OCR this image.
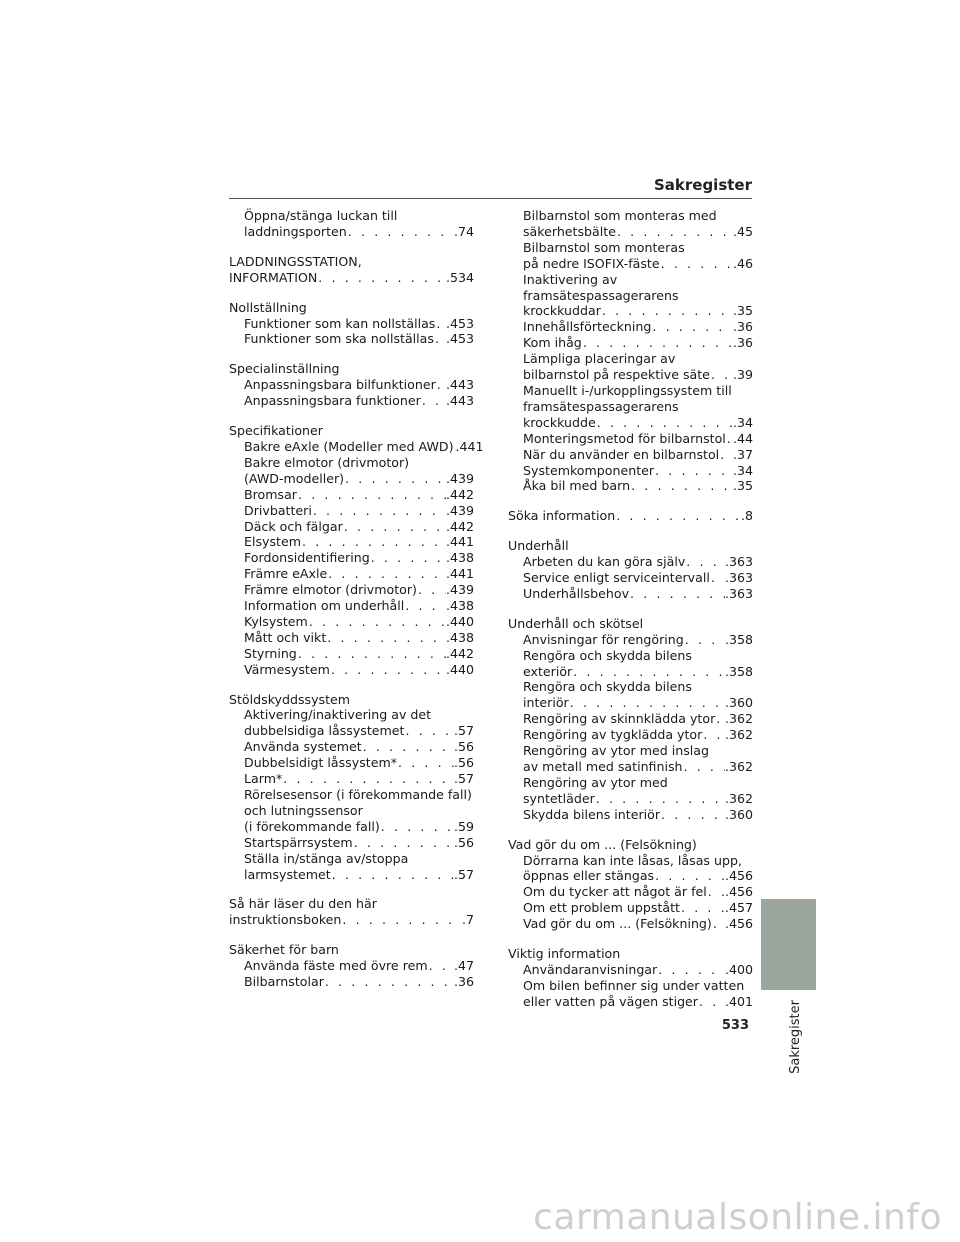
Sakregister
Öppna/stänga luckan till
laddningsporten . . .	.74
LADDNINGSSTATION,
INFORMATION . . .	.534
Nollställning
Funktioner som kan nollställas . . . .453
Funktioner som ska nollställas . . . .453
Specialinställning
Anpassningsbara bilfunktioner . . . .443
Anpassningsbara funktioner . . . .443
Specifikationer
Bakre eAxle (Modeller med AWD) . . . .441
Bakre elmotor (drivmotor)
(AWD-modeller) . . .	.439
Bromsar . . .	.442
Drivbatteri . . .	.439
Däck och fälgar . . .	.442
Elsystem . . .	.441
Fordonsidentifiering . . .	.438
Främre eAxle . . .	.441
Främre elmotor (drivmotor) . . . .439
Information om underhåll . . .	.438
Kylsystem . . .	.440
Mått och vikt . . .	.438
Styrning . . .	.442
Värmesystem . . .	.440
Stöldskyddssystem
Aktivering/inaktivering av det
dubbelsidiga låssystemet . . .	.57
Använda systemet . . .	.56
Dubbelsidigt låssystem* . . .	.56
Larm* . . .	.57
Rörelsesensor (i förekommande fall)
och lutningssensor
(i förekommande fall) . . .	.59
Startspärrsystem . . .	.56
Ställa in/stänga av/stoppa
larmsystemet . . .	.57
Så här läser du den här
instruktionsboken . . .	.7
Säkerhet för barn
Använda fäste med övre rem . . . .47
Bilbarnstolar . . .	.36
Bilbarnstol som monteras med
säkerhetsbälte . . .	.45
Bilbarnstol som monteras
på nedre ISOFIX-fäste . . .	.46
Inaktivering av
framsätespassagerarens
krockkuddar . . .	.35
Innehållsförteckning . . .	.36
Kom ihåg . . .	.36
Lämpliga placeringar av
bilbarnstol på respektive säte . . . .39
Manuellt i-/urkopplingssystem till
framsätespassagerarens
krockkudde . . .	.34
Monteringsmetod för bilbarnstol . . . .44
När du använder en bilbarnstol . . . .37
Systemkomponenter . . .	.34
Åka bil med barn . . .	.35
Söka information . . .	.8
Underhåll
Arbeten du kan göra själv . . .	.363
Service enligt serviceintervall . . . .363
Underhållsbehov . . .	.363
Underhåll och skötsel
Anvisningar för rengöring . . .	.358
Rengöra och skydda bilens
exteriör . . .	.358
Rengöra och skydda bilens
interiör . . .	.360
Rengöring av skinnklädda ytor . . . .362
Rengöring av tygklädda ytor . . . .362
Rengöring av ytor med inslag
av metall med satinfinish . . .	.362
Rengöring av ytor med
syntetläder . . .	.362
Skydda bilens interiör . . .	.360
Vad gör du om ... (Felsökning)
Dörrarna kan inte låsas, låsas upp,
öppnas eller stängas . . .	.456
Om du tycker att något är fel . . . .456
Om ett problem uppstått . . .	.457
Vad gör du om ... (Felsökning) . . . .456
Viktig information
Användaranvisningar . . .	.400
Om bilen befinner sig under vatten
eller vatten på vägen stiger . . . .401	Sakregister
533
carmanualsonline.info
